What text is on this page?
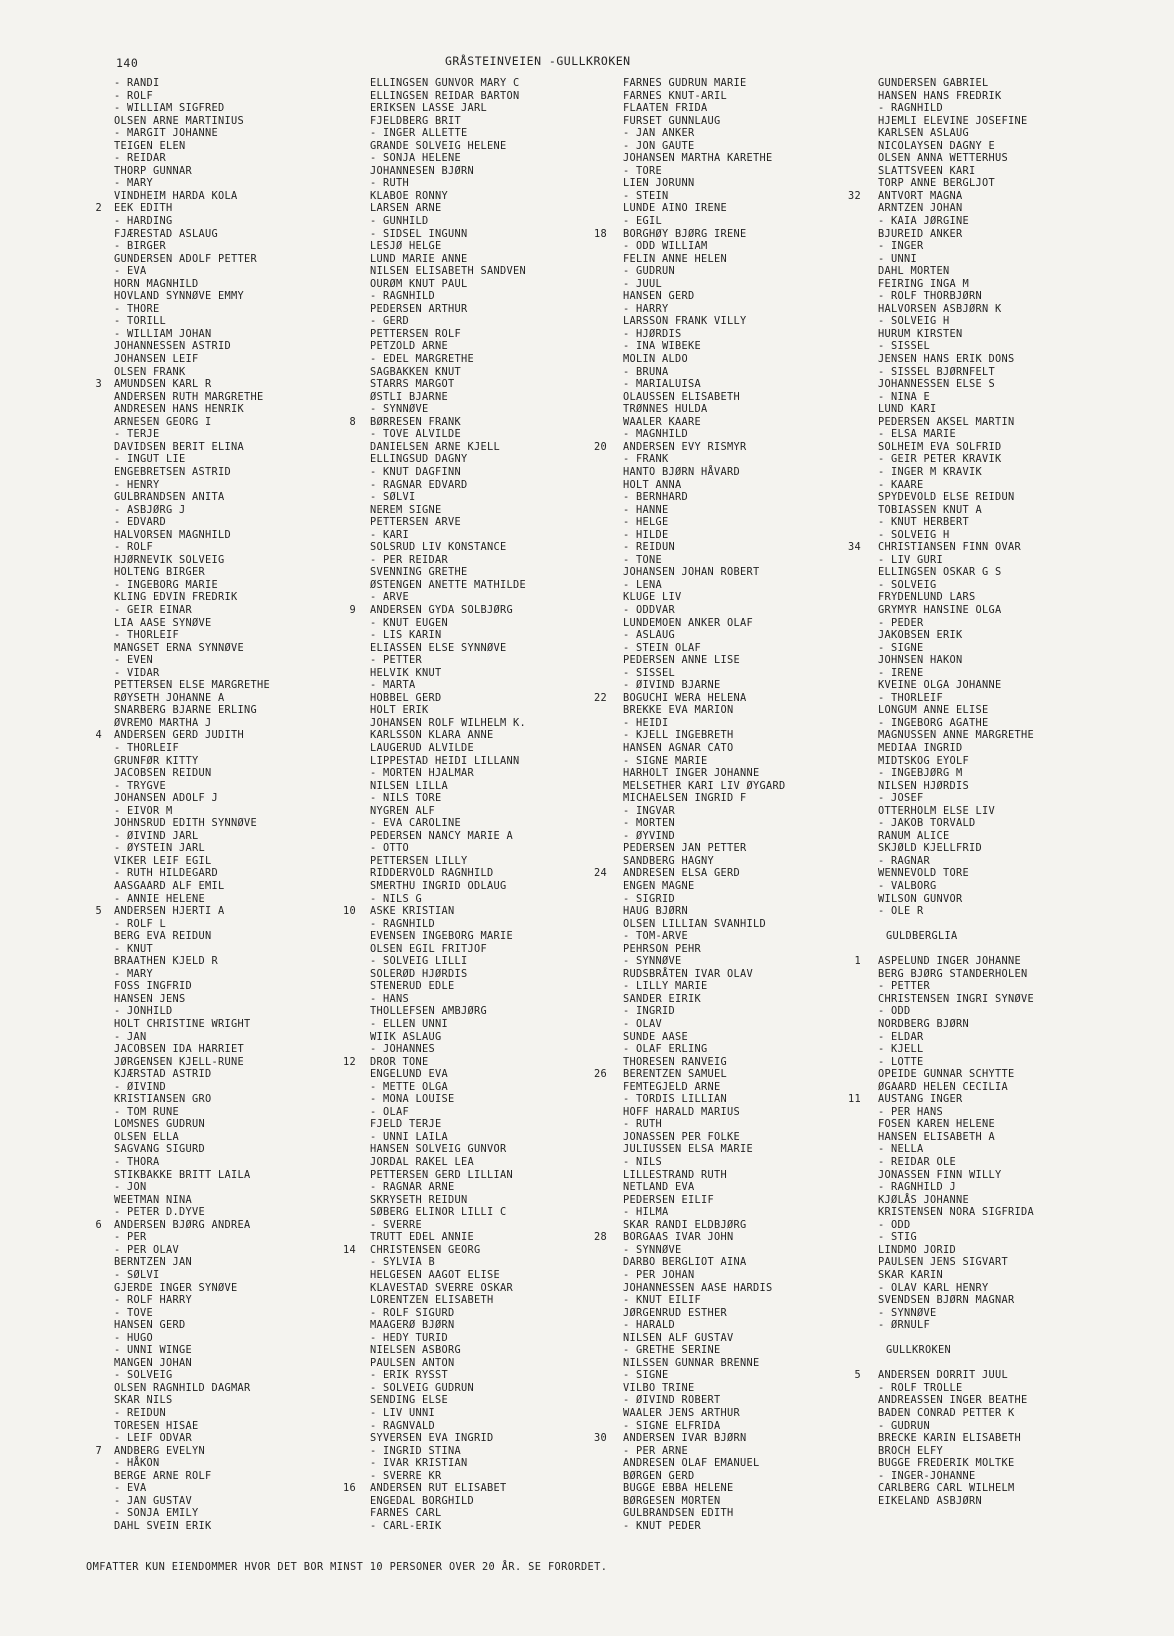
140	GRÅSTEINVEIEN -GULLKROKEN
- RANDI
- ROLF
- WILLIAM SIGFRED
OLSEN ARNE MARTINIUS
- MARGIT JOHANNE
TEIGEN ELEN
- REIDAR
THORP GUNNAR
- MARY
VINDHEIM HARDA KOLA
2 EEK EDITH
- HARDING
FJÆRESTAD ASLAUG
- BIRGER
GUNDERSEN ADOLF PETTER
- EVA
HORN MAGNHILD
HOVLAND SYNNØVE EMMY
- THORE
- TORILL
- WILLIAM JOHAN
JOHANNESSEN ASTRID
JOHANSEN LEIF
OLSEN FRANK
3 AMUNDSEN KARL R
ANDERSEN RUTH MARGRETHE
ANDRESEN HANS HENRIK
ARNESEN GEORG I
- TERJE
DAVIDSEN BERIT ELINA
- INGUT LIE
ENGEBRETSEN ASTRID
- HENRY
GULBRANDSEN ANITA
- ASBJØRG J
- EDVARD
HALVORSEN MAGNHILD
- ROLF
HJØRNEVIK SOLVEIG
HOLTENG BIRGER
- INGEBORG MARIE
KLING EDVIN FREDRIK
- GEIR EINAR
LIA AASE SYNØVE
- THORLEIF
MANGSET ERNA SYNNØVE
- EVEN
- VIDAR
PETTERSEN ELSE MARGRETHE
RØYSETH JOHANNE A
SNARBERG BJARNE ERLING
ØVREMO MARTHA J
4 ANDERSEN GERD JUDITH
- THORLEIF
GRUNFØR KITTY
JACOBSEN REIDUN
- TRYGVE
JOHANSEN ADOLF J
- EIVOR M
JOHNSRUD EDITH SYNNØVE
- ØIVIND JARL
- ØYSTEIN JARL
VIKER LEIF EGIL
- RUTH HILDEGARD
AASGAARD ALF EMIL
- ANNIE HELENE
5 ANDERSEN HJERTI A
- ROLF L
BERG EVA REIDUN
- KNUT
BRAATHEN KJELD R
- MARY
FOSS INGFRID
HANSEN JENS
- JONHILD
HOLT CHRISTINE WRIGHT
- JAN
JACOBSEN IDA HARRIET
JØRGENSEN KJELL-RUNE
KJÆRSTAD ASTRID
- ØIVIND
KRISTIANSEN GRO
- TOM RUNE
LOMSNES GUDRUN
OLSEN ELLA
SAGVANG SIGURD
- THORA
STIKBAKKE BRITT LAILA
- JON
WEETMAN NINA
- PETER D.DYVE
6 ANDERSEN BJØRG ANDREA
- PER
- PER OLAV
BERNTZEN JAN
- SØLVI
GJERDE INGER SYNØVE
- ROLF HARRY
- TOVE
HANSEN GERD
- HUGO
- UNNI WINGE
MANGEN JOHAN
- SOLVEIG
OLSEN RAGNHILD DAGMAR
SKAR NILS
- REIDUN
TORESEN HISAE
- LEIF ODVAR
7 ANDBERG EVELYN
- HÅKON
BERGE ARNE ROLF
- EVA
- JAN GUSTAV
- SONJA EMILY
DAHL SVEIN ERIK
ELLINGSEN GUNVOR MARY C
ELLINGSEN REIDAR BARTON
ERIKSEN LASSE JARL
FJELDBERG BRIT
- INGER ALLETTE
GRANDE SOLVEIG HELENE
- SONJA HELENE
JOHANNESEN BJØRN
- RUTH
KLABOE RONNY
LARSEN ARNE
- GUNHILD
- SIDSEL INGUNN
LESJØ HELGE
LUND MARIE ANNE
NILSEN ELISABETH SANDVEN
OURØM KNUT PAUL
- RAGNHILD
PEDERSEN ARTHUR
- GERD
PETTERSEN ROLF
PETZOLD ARNE
- EDEL MARGRETHE
SAGBAKKEN KNUT
STARRS MARGOT
ØSTLI BJARNE
- SYNNØVE
8 BØRRESEN FRANK
- TOVE ALVILDE
DANIELSEN ARNE KJELL
ELLINGSUD DAGNY
- KNUT DAGFINN
- RAGNAR EDVARD
- SØLVI
NEREM SIGNE
PETTERSEN ARVE
- KARI
SOLSRUD LIV KONSTANCE
- PER REIDAR
SVENNING GRETHE
ØSTENGEN ANETTE MATHILDE
- ARVE
9 ANDERSEN GYDA SOLBJØRG
- KNUT EUGEN
- LIS KARIN
ELIASSEN ELSE SYNNØVE
- PETTER
HELVIK KNUT
- MARTA
HOBBEL GERD
HOLT ERIK
JOHANSEN ROLF WILHELM K.
KARLSSON KLARA ANNE
LAUGERUD ALVILDE
LIPPESTAD HEIDI LILLANN
- MORTEN HJALMAR
NILSEN LILLA
- NILS TORE
NYGREN ALF
- EVA CAROLINE
PEDERSEN NANCY MARIE A
- OTTO
PETTERSEN LILLY
RIDDERVOLD RAGNHILD
SMERTHU INGRID ODLAUG
- NILS G
10 ASKE KRISTIAN
- RAGNHILD
EVENSEN INGEBORG MARIE
OLSEN EGIL FRITJOF
- SOLVEIG LILLI
SOLERØD HJØRDIS
STENERUD EDLE
- HANS
THOLLEFSEN AMBJØRG
- ELLEN UNNI
WIIK ASLAUG
- JOHANNES
12 DROR TONE
ENGELUND EVA
- METTE OLGA
- MONA LOUISE
- OLAF
FJELD TERJE
- UNNI LAILA
HANSEN SOLVEIG GUNVOR
JORDAL RAKEL LEA
PETTERSEN GERD LILLIAN
- RAGNAR ARNE
SKRYSETH REIDUN
SØBERG ELINOR LILLI C
- SVERRE
TRUTT EDEL ANNIE
14 CHRISTENSEN GEORG
- SYLVIA B
HELGESEN AAGOT ELISE
KLAVESTAD SVERRE OSKAR
LORENTZEN ELISABETH
- ROLF SIGURD
MAAGERØ BJØRN
- HEDY TURID
NIELSEN ASBORG
PAULSEN ANTON
- ERIK RYSST
- SOLVEIG GUDRUN
SENDING ELSE
- LIV UNNI
- RAGNVALD
SYVERSEN EVA INGRID
- INGRID STINA
- IVAR KRISTIAN
- SVERRE KR
16 ANDERSEN RUT ELISABET
ENGEDAL BORGHILD
FARNES CARL
- CARL-ERIK
FARNES GUDRUN MARIE
FARNES KNUT-ARIL
FLAATEN FRIDA
FURSET GUNNLAUG
- JAN ANKER
- JON GAUTE
JOHANSEN MARTHA KARETHE
- TORE
LIEN JORUNN
- STEIN
LUNDE AINO IRENE
- EGIL
18 BORGHØY BJØRG IRENE
- ODD WILLIAM
FELIN ANNE HELEN
- GUDRUN
- JUUL
HANSEN GERD
- HARRY
LARSSON FRANK VILLY
- HJØRDIS
- INA WIBEKE
MOLIN ALDO
- BRUNA
- MARIALUISA
OLAUSSEN ELISABETH
TRØNNES HULDA
WAALER KAARE
- MAGNHILD
20 ANDERSEN EVY RISMYR
- FRANK
HANTO BJØRN HÅVARD
HOLT ANNA
- BERNHARD
- HANNE
- HELGE
- HILDE
- REIDUN
- TONE
JOHANSEN JOHAN ROBERT
- LENA
KLUGE LIV
- ODDVAR
LUNDEMOEN ANKER OLAF
- ASLAUG
- STEIN OLAF
PEDERSEN ANNE LISE
- SISSEL
- ØIVIND BJARNE
22 BOGUCHI WERA HELENA
BREKKE EVA MARION
- HEIDI
- KJELL INGEBRETH
HANSEN AGNAR CATO
- SIGNE MARIE
HARHOLT INGER JOHANNE
MELSETHER KARI LIV ØYGARD
MICHAELSEN INGRID F
- INGVAR
- MORTEN
- ØYVIND
PEDERSEN JAN PETTER
SANDBERG HAGNY
24 ANDRESEN ELSA GERD
ENGEN MAGNE
- SIGRID
HAUG BJØRN
OLSEN LILLIAN SVANHILD
- TOM-ARVE
PEHRSON PEHR
- SYNNØVE
RUDSBRÅTEN IVAR OLAV
- LILLY MARIE
SANDER EIRIK
- INGRID
- OLAV
SUNDE AASE
- OLAF ERLING
THORESEN RANVEIG
26 BERENTZEN SAMUEL
FEMTEGJELD ARNE
- TORDIS LILLIAN
HOFF HARALD MARIUS
- RUTH
JONASSEN PER FOLKE
JULIUSSEN ELSA MARIE
- NILS
LILLESTRAND RUTH
NETLAND EVA
PEDERSEN EILIF
- HILMA
SKAR RANDI ELDBJØRG
28 BORGAAS IVAR JOHN
- SYNNØVE
DARBO BERGLIOT AINA
- PER JOHAN
JOHANNESSEN AASE HARDIS
- KNUT EILIF
JØRGENRUD ESTHER
- HARALD
NILSEN ALF GUSTAV
- GRETHE SERINE
NILSSEN GUNNAR BRENNE
- SIGNE
VILBO TRINE
- ØIVIND ROBERT
WAALER JENS ARTHUR
- SIGNE ELFRIDA
30 ANDERSEN IVAR BJØRN
- PER ARNE
ANDRESEN OLAF EMANUEL
BØRGEN GERD
BUGGE EBBA HELENE
BØRGESEN MORTEN
GULBRANDSEN EDITH
- KNUT PEDER
GUNDERSEN GABRIEL
HANSEN HANS FREDRIK
- RAGNHILD
HJEMLI ELEVINE JOSEFINE
KARLSEN ASLAUG
NICOLAYSEN DAGNY E
OLSEN ANNA WETTERHUS
SLATTSVEEN KARI
TORP ANNE BERGLJOT
32 ANTVORT MAGNA
ARNTZEN JOHAN
- KAIA JØRGINE
BJUREID ANKER
- INGER
- UNNI
DAHL MORTEN
FEIRING INGA M
- ROLF THORBJØRN
HALVORSEN ASBJØRN K
- SOLVEIG H
HURUM KIRSTEN
- SISSEL
JENSEN HANS ERIK DONS
- SISSEL BJØRNFELT
JOHANNESSEN ELSE S
- NINA E
LUND KARI
PEDERSEN AKSEL MARTIN
- ELSA MARIE
SOLHEIM EVA SOLFRID
- GEIR PETER KRAVIK
- INGER M KRAVIK
- KAARE
SPYDEVOLD ELSE REIDUN
TOBIASSEN KNUT A
- KNUT HERBERT
- SOLVEIG H
34 CHRISTIANSEN FINN OVAR
- LIV GURI
ELLINGSEN OSKAR G S
- SOLVEIG
FRYDENLUND LARS
GRYMYR HANSINE OLGA
- PEDER
JAKOBSEN ERIK
- SIGNE
JOHNSEN HAKON
- IRENE
KVEINE OLGA JOHANNE
- THORLEIF
LONGUM ANNE ELISE
- INGEBORG AGATHE
MAGNUSSEN ANNE MARGRETHE
MEDIAA INGRID
MIDTSKOG EYOLF
- INGEBJØRG M
NILSEN HJØRDIS
- JOSEF
OTTERHOLM ELSE LIV
- JAKOB TORVALD
RANUM ALICE
SKJØLD KJELLFRID
- RAGNAR
WENNEVOLD TORE
- VALBORG
WILSON GUNVOR
- OLE R
GULDBERGLIA
1 ASPELUND INGER JOHANNE
BERG BJØRG STANDERHOLEN
- PETTER
CHRISTENSEN INGRI SYNØVE
- ODD
NORDBERG BJØRN
- ELDAR
- KJELL
- LOTTE
OPEIDE GUNNAR SCHYTTE
ØGAARD HELEN CECILIA
11 AUSTANG INGER
- PER HANS
FOSEN KAREN HELENE
HANSEN ELISABETH A
- NELLA
- REIDAR OLE
JONASSEN FINN WILLY
- RAGNHILD J
KJØLÅS JOHANNE
KRISTENSEN NORA SIGFRIDA
- ODD
- STIG
LINDMO JORID
PAULSEN JENS SIGVART
SKAR KARIN
- OLAV KARL HENRY
SVENDSEN BJØRN MAGNAR
- SYNNØVE
- ØRNULF
GULLKROKEN
5 ANDERSEN DORRIT JUUL
- ROLF TROLLE
ANDREASSEN INGER BEATHE
BADEN CONRAD PETTER K
- GUDRUN
BRECKE KARIN ELISABETH
BROCH ELFY
BUGGE FREDERIK MOLTKE
- INGER-JOHANNE
CARLBERG CARL WILHELM
EIKELAND ASBJØRN
OMFATTER KUN EIENDOMMER HVOR DET BOR MINST 10 PERSONER OVER 20 ÅR. SE FORORDET.
